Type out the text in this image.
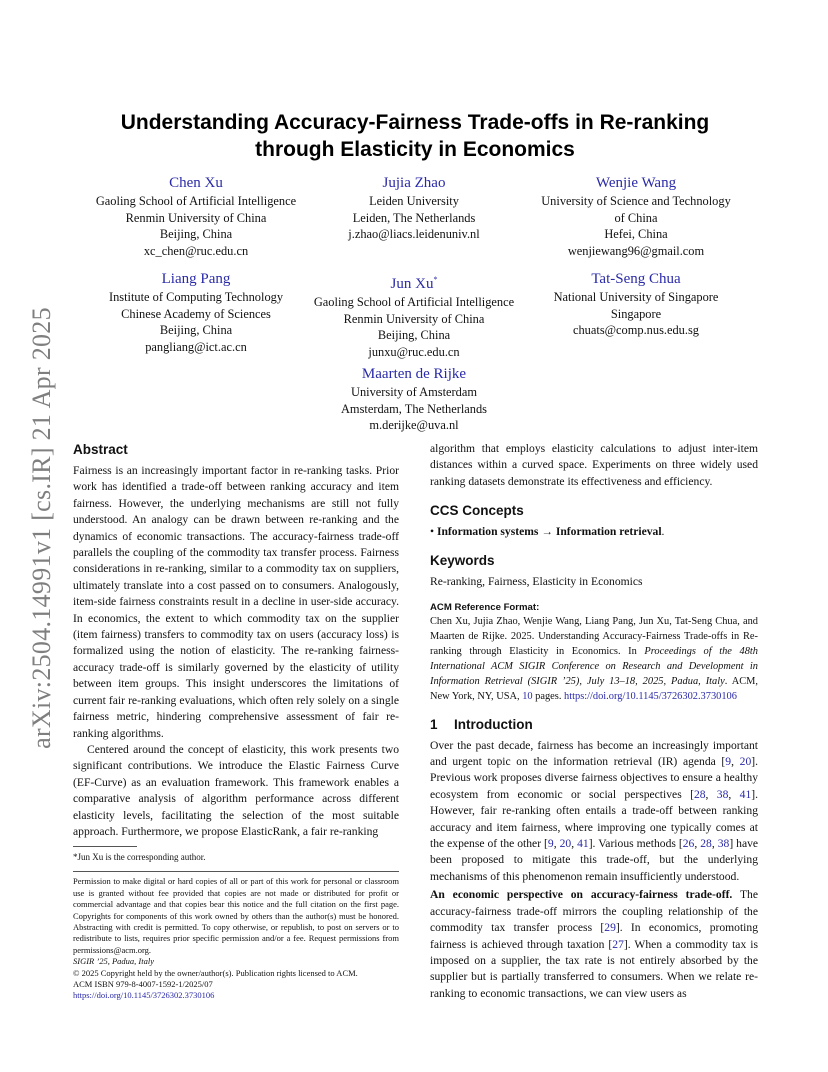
arXiv:2504.14991v1 [cs.IR] 21 Apr 2025
Understanding Accuracy-Fairness Trade-offs in Re-ranking
through Elasticity in Economics
Chen Xu
Gaoling School of Artificial Intelligence
Renmin University of China
Beijing, China
xc_chen@ruc.edu.cn
Jujia Zhao
Leiden University
Leiden, The Netherlands
j.zhao@liacs.leidenuniv.nl
Wenjie Wang
University of Science and Technology
of China
Hefei, China
wenjiewang96@gmail.com
Liang Pang
Institute of Computing Technology
Chinese Academy of Sciences
Beijing, China
pangliang@ict.ac.cn
Jun Xu*
Gaoling School of Artificial Intelligence
Renmin University of China
Beijing, China
junxu@ruc.edu.cn
Tat-Seng Chua
National University of Singapore
Singapore
chuats@comp.nus.edu.sg
Maarten de Rijke
University of Amsterdam
Amsterdam, The Netherlands
m.derijke@uva.nl
Abstract

Fairness is an increasingly important factor in re-ranking tasks. Prior work has identified a trade-off between ranking accuracy and item fairness. However, the underlying mechanisms are still not fully understood. An analogy can be drawn between re-ranking and the dynamics of economic transactions. The accuracy-fairness trade-off parallels the coupling of the commodity tax transfer process. Fairness considerations in re-ranking, similar to a commodity tax on suppliers, ultimately translate into a cost passed on to consumers. Analogously, item-side fairness constraints result in a decline in user-side accuracy. In economics, the extent to which commodity tax on the supplier (item fairness) transfers to commodity tax on users (accuracy loss) is formalized using the notion of elasticity. The re-ranking fairness-accuracy trade-off is similarly governed by the elasticity of utility between item groups. This insight underscores the limitations of current fair re-ranking evaluations, which often rely solely on a single fairness metric, hindering comprehensive assessment of fair re-ranking algorithms.

Centered around the concept of elasticity, this work presents two significant contributions. We introduce the Elastic Fairness Curve (EF-Curve) as an evaluation framework. This framework enables a comparative analysis of algorithm performance across different elasticity levels, facilitating the selection of the most suitable approach. Furthermore, we propose ElasticRank, a fair re-ranking

*Jun Xu is the corresponding author.
Permission to make digital or hard copies of all or part of this work for personal or classroom use is granted without fee provided that copies are not made or distributed for profit or commercial advantage and that copies bear this notice and the full citation on the first page. Copyrights for components of this work owned by others than the author(s) must be honored. Abstracting with credit is permitted. To copy otherwise, or republish, to post on servers or to redistribute to lists, requires prior specific permission and/or a fee. Request permissions from permissions@acm.org.
SIGIR ’25, Padua, Italy
© 2025 Copyright held by the owner/author(s). Publication rights licensed to ACM.
ACM ISBN 979-8-4007-1592-1/2025/07
https://doi.org/10.1145/3726302.3730106

algorithm that employs elasticity calculations to adjust inter-item distances within a curved space. Experiments on three widely used ranking datasets demonstrate its effectiveness and efficiency.

CCS Concepts
• Information systems → Information retrieval.
Keywords

Re-ranking, Fairness, Elasticity in Economics

ACM Reference Format:

Chen Xu, Jujia Zhao, Wenjie Wang, Liang Pang, Jun Xu, Tat-Seng Chua, and Maarten de Rijke. 2025. Understanding Accuracy-Fairness Trade-offs in Re-ranking through Elasticity in Economics. In Proceedings of the 48th International ACM SIGIR Conference on Research and Development in Information Retrieval (SIGIR ’25), July 13–18, 2025, Padua, Italy. ACM, New York, NY, USA, 10 pages. https://doi.org/10.1145/3726302.3730106

1 Introduction

Over the past decade, fairness has become an increasingly important and urgent topic on the information retrieval (IR) agenda [9, 20]. Previous work proposes diverse fairness objectives to ensure a healthy ecosystem from economic or social perspectives [28, 38, 41]. However, fair re-ranking often entails a trade-off between ranking accuracy and item fairness, where improving one typically comes at the expense of the other [9, 20, 41]. Various methods [26, 28, 38] have been proposed to mitigate this trade-off, but the underlying mechanisms of this phenomenon remain insufficiently understood.

An economic perspective on accuracy-fairness trade-off. The accuracy-fairness trade-off mirrors the coupling relationship of the commodity tax transfer process [29]. In economics, promoting fairness is achieved through taxation [27]. When a commodity tax is imposed on a supplier, the tax rate is not entirely absorbed by the supplier but is partially transferred to consumers. When we relate re-ranking to economic transactions, we can view users as
